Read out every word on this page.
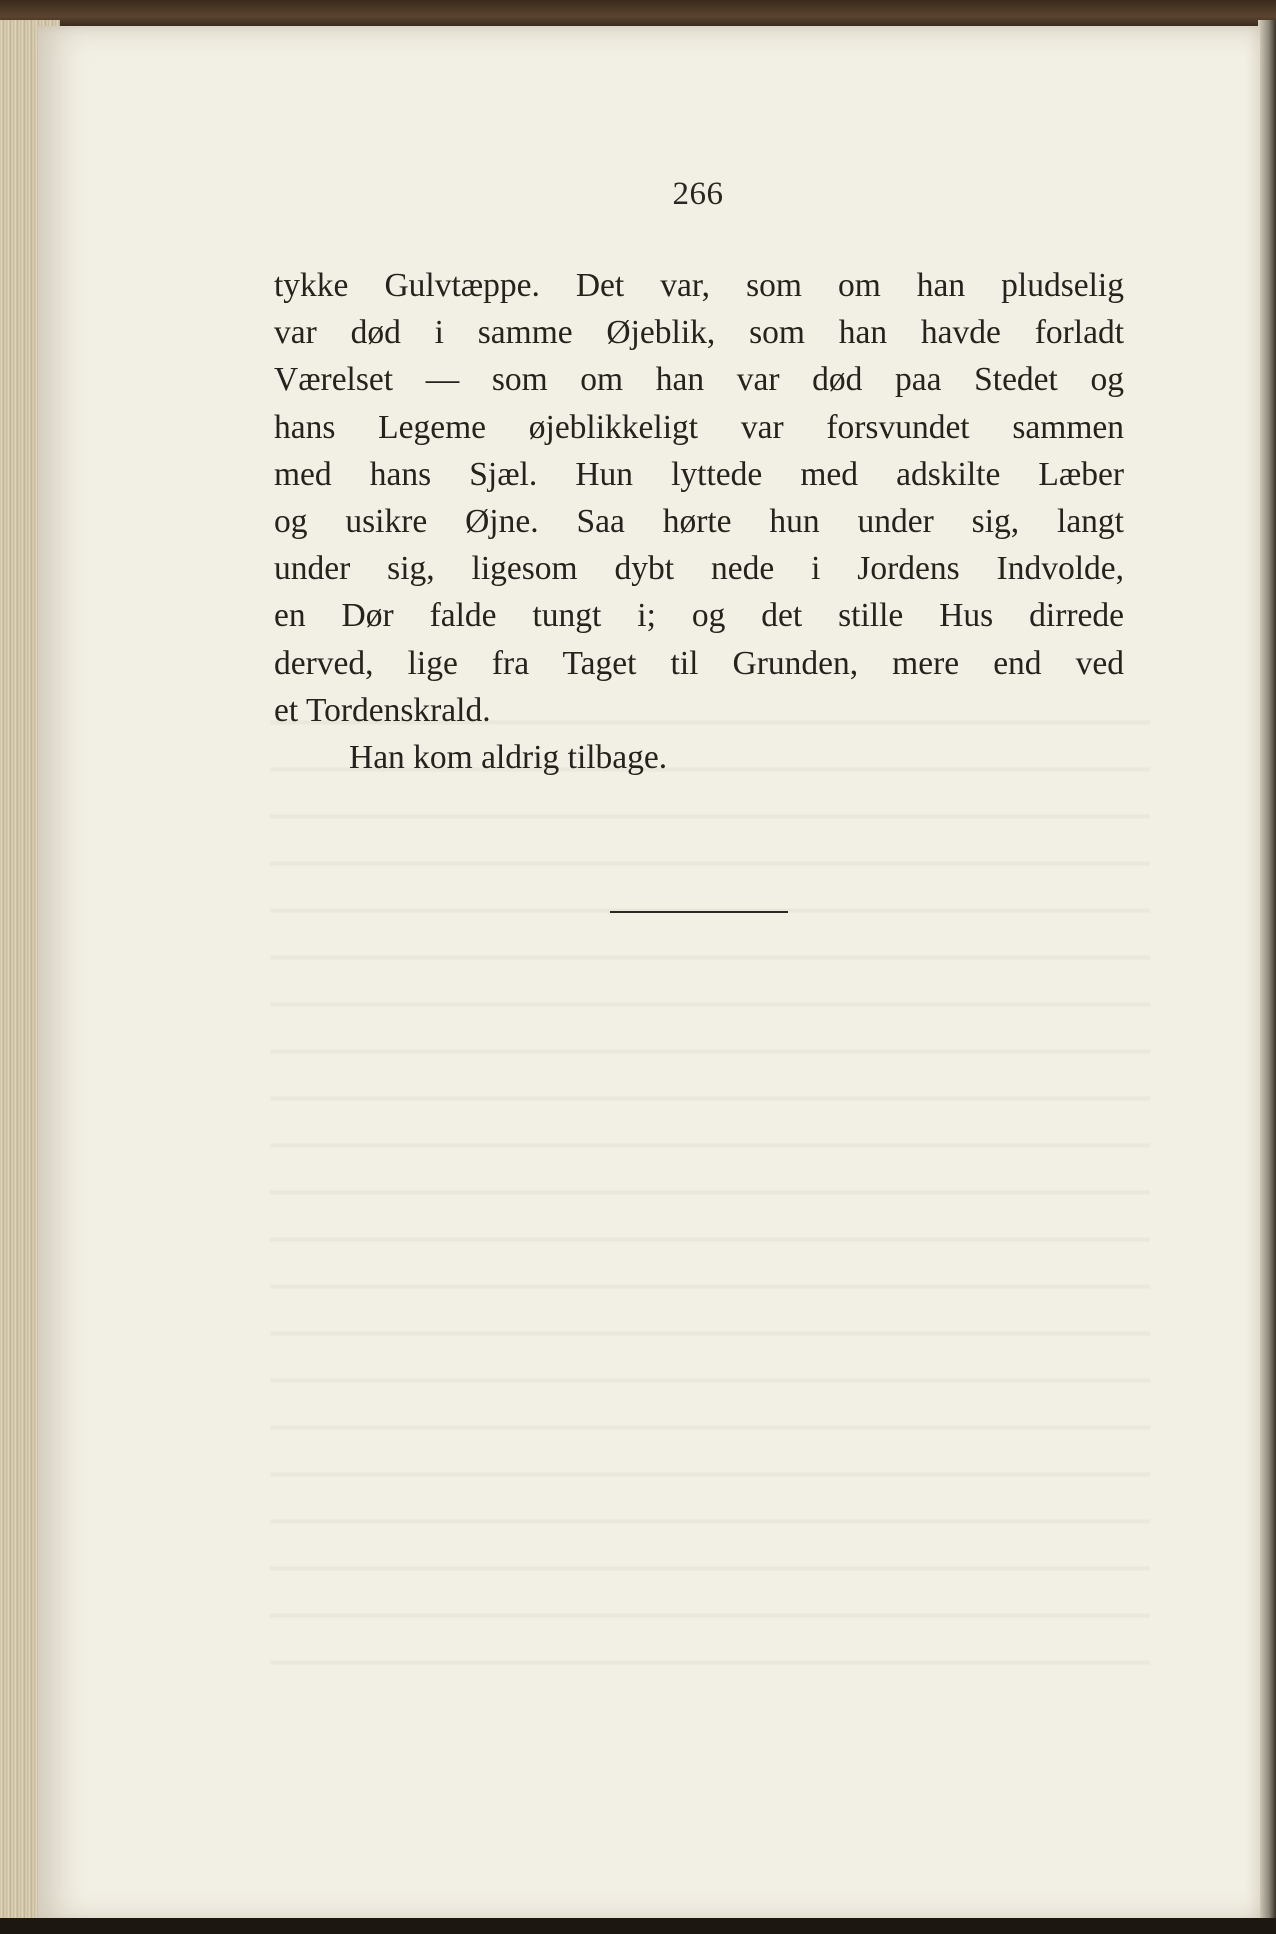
266
tykke Gulvtæppe. Det var, som om han pludselig
var død i samme Øjeblik, som han havde forladt
Værelset — som om han var død paa Stedet og
hans Legeme øjeblikkeligt var forsvundet sammen
med hans Sjæl. Hun lyttede med adskilte Læber
og usikre Øjne. Saa hørte hun under sig, langt
under sig, ligesom dybt nede i Jordens Indvolde,
en Dør falde tungt i; og det stille Hus dirrede
derved, lige fra Taget til Grunden, mere end ved
et Tordenskrald.
Han kom aldrig tilbage.
